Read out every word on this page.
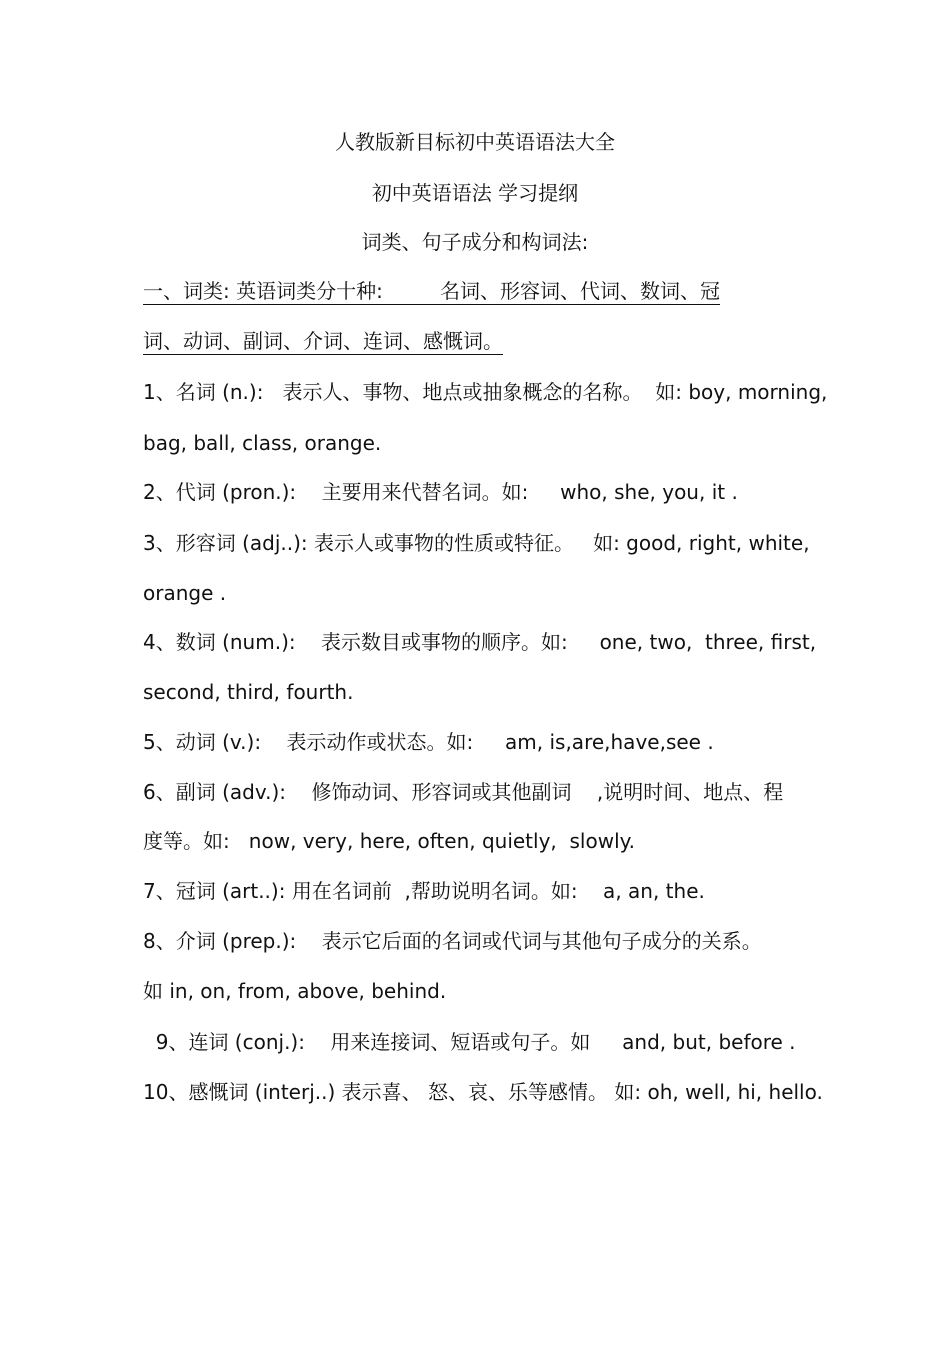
人教版新目标初中英语语法大全
初中英语语法 学习提纲
词类、句子成分和构词法:
一、词类: 英语词类分十种:         名词、形容词、代词、数词、冠
词、动词、副词、介词、连词、感慨词。
1、名词 (n.):   表示人、事物、地点或抽象概念的名称。  如: boy, morning,
bag, ball, class, orange.
2、代词 (pron.):    主要用来代替名词。如:     who, she, you, it .
3、形容词 (adj..): 表示人或事物的性质或特征。   如: good, right, white,
orange .
4、数词 (num.):    表示数目或事物的顺序。如:     one, two,  three, first,
second, third, fourth.
5、动词 (v.):    表示动作或状态。如:     am, is,are,have,see .
6、副词 (adv.):    修饰动词、形容词或其他副词    ,说明时间、地点、程
度等。如:   now, very, here, often, quietly,  slowly.
7、冠词 (art..): 用在名词前  ,帮助说明名词。如:    a, an, the.
8、介词 (prep.):    表示它后面的名词或代词与其他句子成分的关系。
如 in, on, from, above, behind.
9、连词 (conj.):    用来连接词、短语或句子。如     and, but, before .
10、感慨词 (interj..) 表示喜、 怒、哀、乐等感情。 如: oh, well, hi, hello.
